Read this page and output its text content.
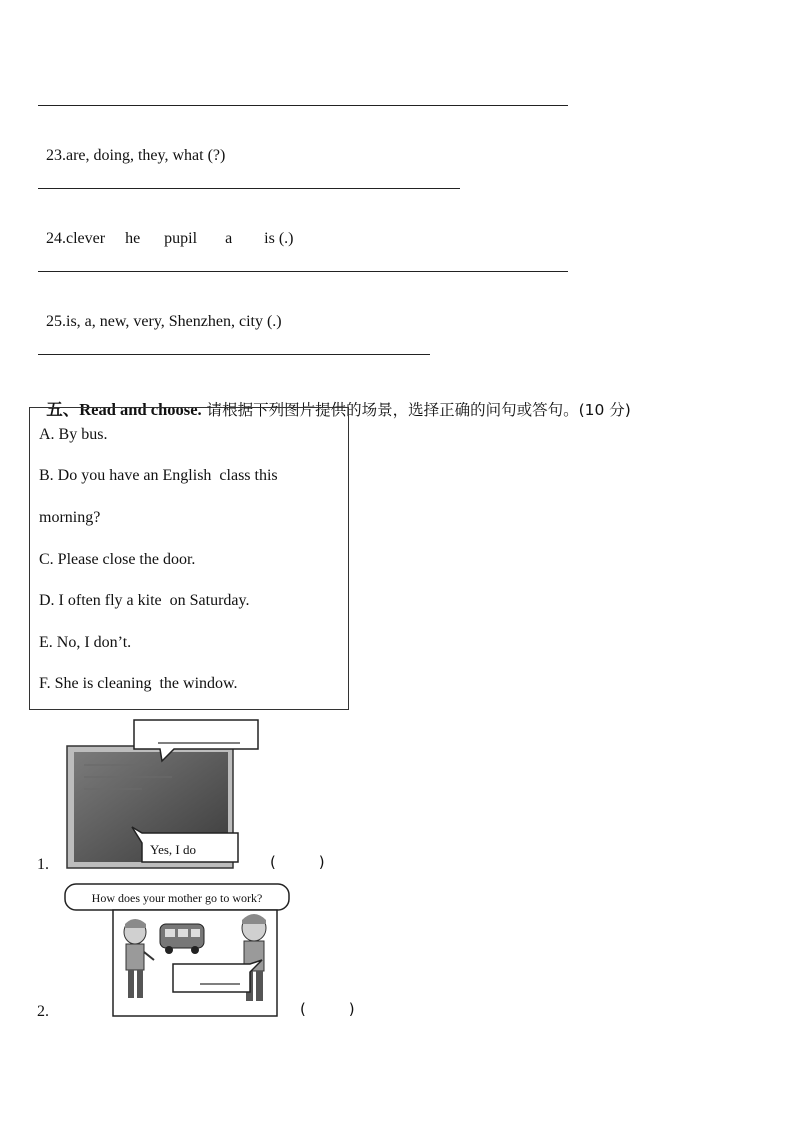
23.are, doing, they, what (?)

24.clever     he      pupil       a        is (.)

25.is, a, new, very, Shenzhen, city (.)

五、Read and choose. 请根据下列图片提供的场景，选择正确的问句或答句。(10 分)

A. By bus.
B. Do you have an English  class this
morning?
C. Please close the door.
D. I often fly a kite  on Saturday.
E. No, I don’t.
F. She is cleaning  the window.
1.
Yes, I do
(         )
2.
How does your mother go to work?
(         )
